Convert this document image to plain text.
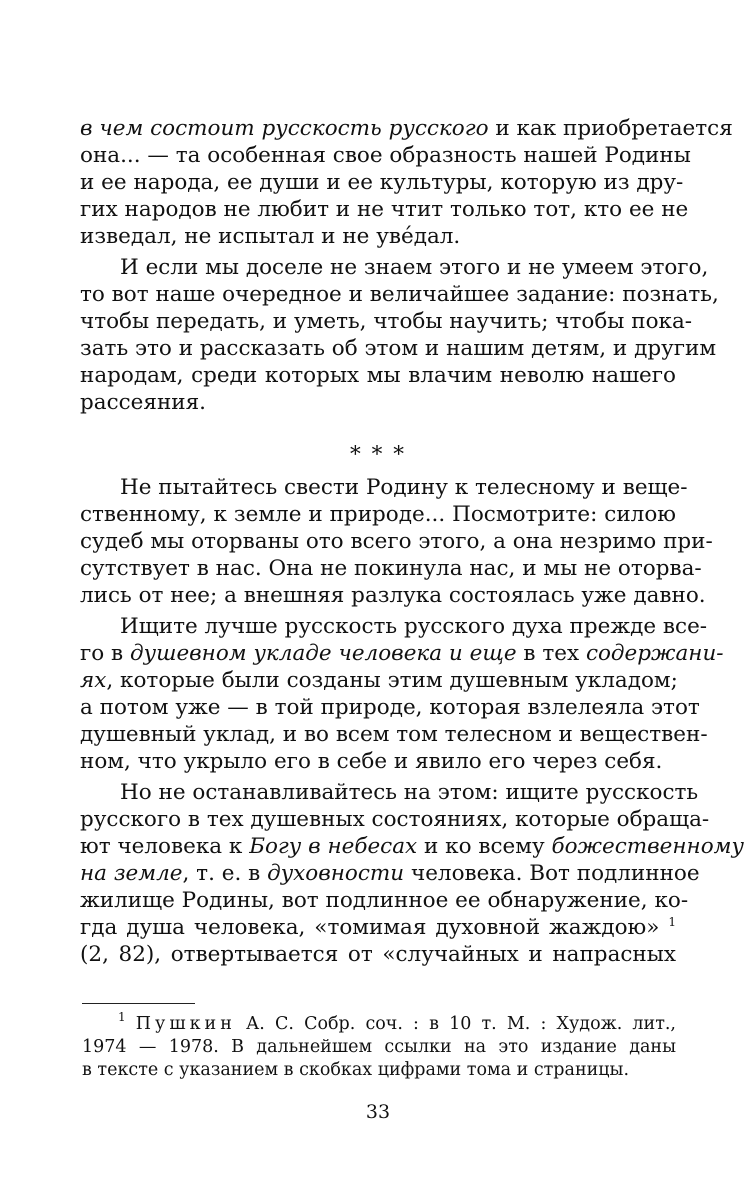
в чем состоит русскость русского и как приобретается
она... — та особенная свое образность нашей Родины
и ее народа, ее души и ее культуры, которую из дру-
гих народов не любит и не чтит только тот, кто ее не
изведал, не испытал и не уве́дал.
И если мы доселе не знаем этого и не умеем этого,
то вот наше очередное и величайшее задание: познать,
чтобы передать, и уметь, чтобы научить; чтобы пока-
зать это и рассказать об этом и нашим детям, и другим
народам, среди которых мы влачим неволю нашего
рассеяния.
* * *
Не пытайтесь свести Родину к телесному и веще-
ственному, к земле и природе... Посмотрите: силою
судеб мы оторваны ото всего этого, а она незримо при-
сутствует в нас. Она не покинула нас, и мы не оторва-
лись от нее; а внешняя разлука состоялась уже давно.
Ищите лучше русскость русского духа прежде все-
го в душевном укладе человека и еще в тех содержани-
ях, которые были созданы этим душевным укладом;
а потом уже — в той природе, которая взлелеяла этот
душевный уклад, и во всем том телесном и веществен-
ном, что укрыло его в себе и явило его через себя.
Но не останавливайтесь на этом: ищите русскость
русского в тех душевных состояниях, которые обраща-
ют человека к Богу в небесах и ко всему божественному
на земле, т. е. в духовности человека. Вот подлинное
жилище Родины, вот подлинное ее обнаружение, ко-
гда душа человека, «томимая духовной жаждою» $^1$
(2, 82), отвертывается от «случайных и напрасных
$^1$ Пушкин А. С. Собр. соч. : в 10 т. М. : Худож. лит.,
1974 — 1978. В дальнейшем ссылки на это издание даны
в тексте с указанием в скобках цифрами тома и страницы.
33
